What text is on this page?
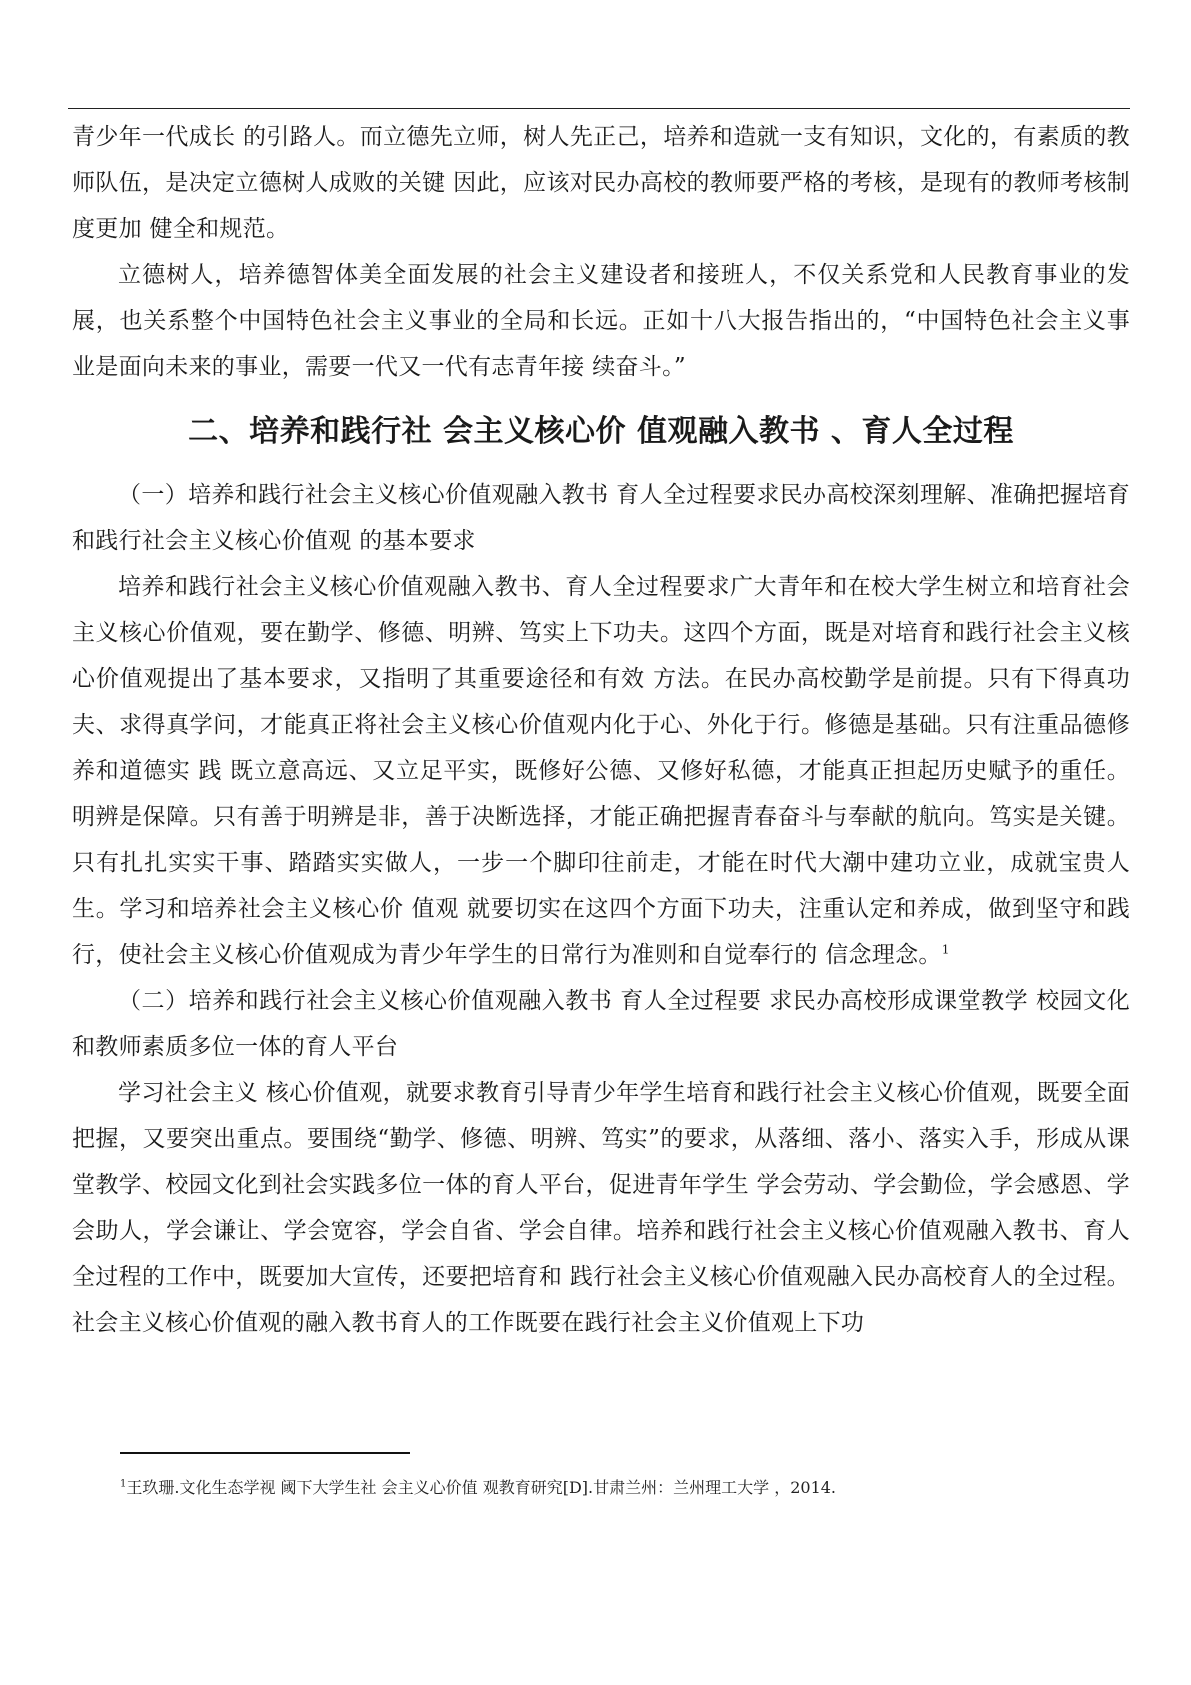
青少年一代成长 的引路人。而立德先立师，树人先正己，培养和造就一支有知识，文化的，有素质的教师队伍，是决定立德树人成败的关键 因此，应该对民办高校的教师要严格的考核，是现有的教师考核制度更加 健全和规范。

立德树人，培养德智体美全面发展的社会主义建设者和接班人，不仅关系党和人民教育事业的发展，也关系整个中国特色社会主义事业的全局和长远。正如十八大报告指出的，“中国特色社会主义事业是面向未来的事业，需要一代又一代有志青年接 续奋斗。”

二、培养和践行社 会主义核心价 值观融入教书 、育人全过程

（一）培养和践行社会主义核心价值观融入教书 育人全过程要求民办高校深刻理解、准确把握培育和践行社会主义核心价值观 的基本要求

培养和践行社会主义核心价值观融入教书、育人全过程要求广大青年和在校大学生树立和培育社会主义核心价值观，要在勤学、修德、明辨、笃实上下功夫。这四个方面，既是对培育和践行社会主义核心价值观提出了基本要求，又指明了其重要途径和有效 方法。在民办高校勤学是前提。只有下得真功夫、求得真学问，才能真正将社会主义核心价值观内化于心、外化于行。修德是基础。只有注重品德修养和道德实 践 既立意高远、又立足平实，既修好公德、又修好私德，才能真正担起历史赋予的重任。明辨是保障。只有善于明辨是非，善于决断选择，才能正确把握青春奋斗与奉献的航向。笃实是关键。只有扎扎实实干事、踏踏实实做人，一步一个脚印往前走，才能在时代大潮中建功立业，成就宝贵人生。学习和培养社会主义核心价 值观 就要切实在这四个方面下功夫，注重认定和养成，做到坚守和践行，使社会主义核心价值观成为青少年学生的日常行为准则和自觉奉行的 信念理念。$^1$

（二）培养和践行社会主义核心价值观融入教书 育人全过程要 求民办高校形成课堂教学 校园文化和教师素质多位一体的育人平台

学习社会主义 核心价值观，就要求教育引导青少年学生培育和践行社会主义核心价值观，既要全面把握，又要突出重点。要围绕“勤学、修德、明辨、笃实”的要求，从落细、落小、落实入手，形成从课堂教学、校园文化到社会实践多位一体的育人平台，促进青年学生 学会劳动、学会勤俭，学会感恩、学会助人，学会谦让、学会宽容，学会自省、学会自律。培养和践行社会主义核心价值观融入教书、育人全过程的工作中，既要加大宣传，还要把培育和 践行社会主义核心价值观融入民办高校育人的全过程。社会主义核心价值观的融入教书育人的工作既要在践行社会主义价值观上下功

$^1$王玖珊.文化生态学视 阈下大学生社 会主义心价值 观教育研究[D].甘肃兰州：兰州理工大学 ，2014.
